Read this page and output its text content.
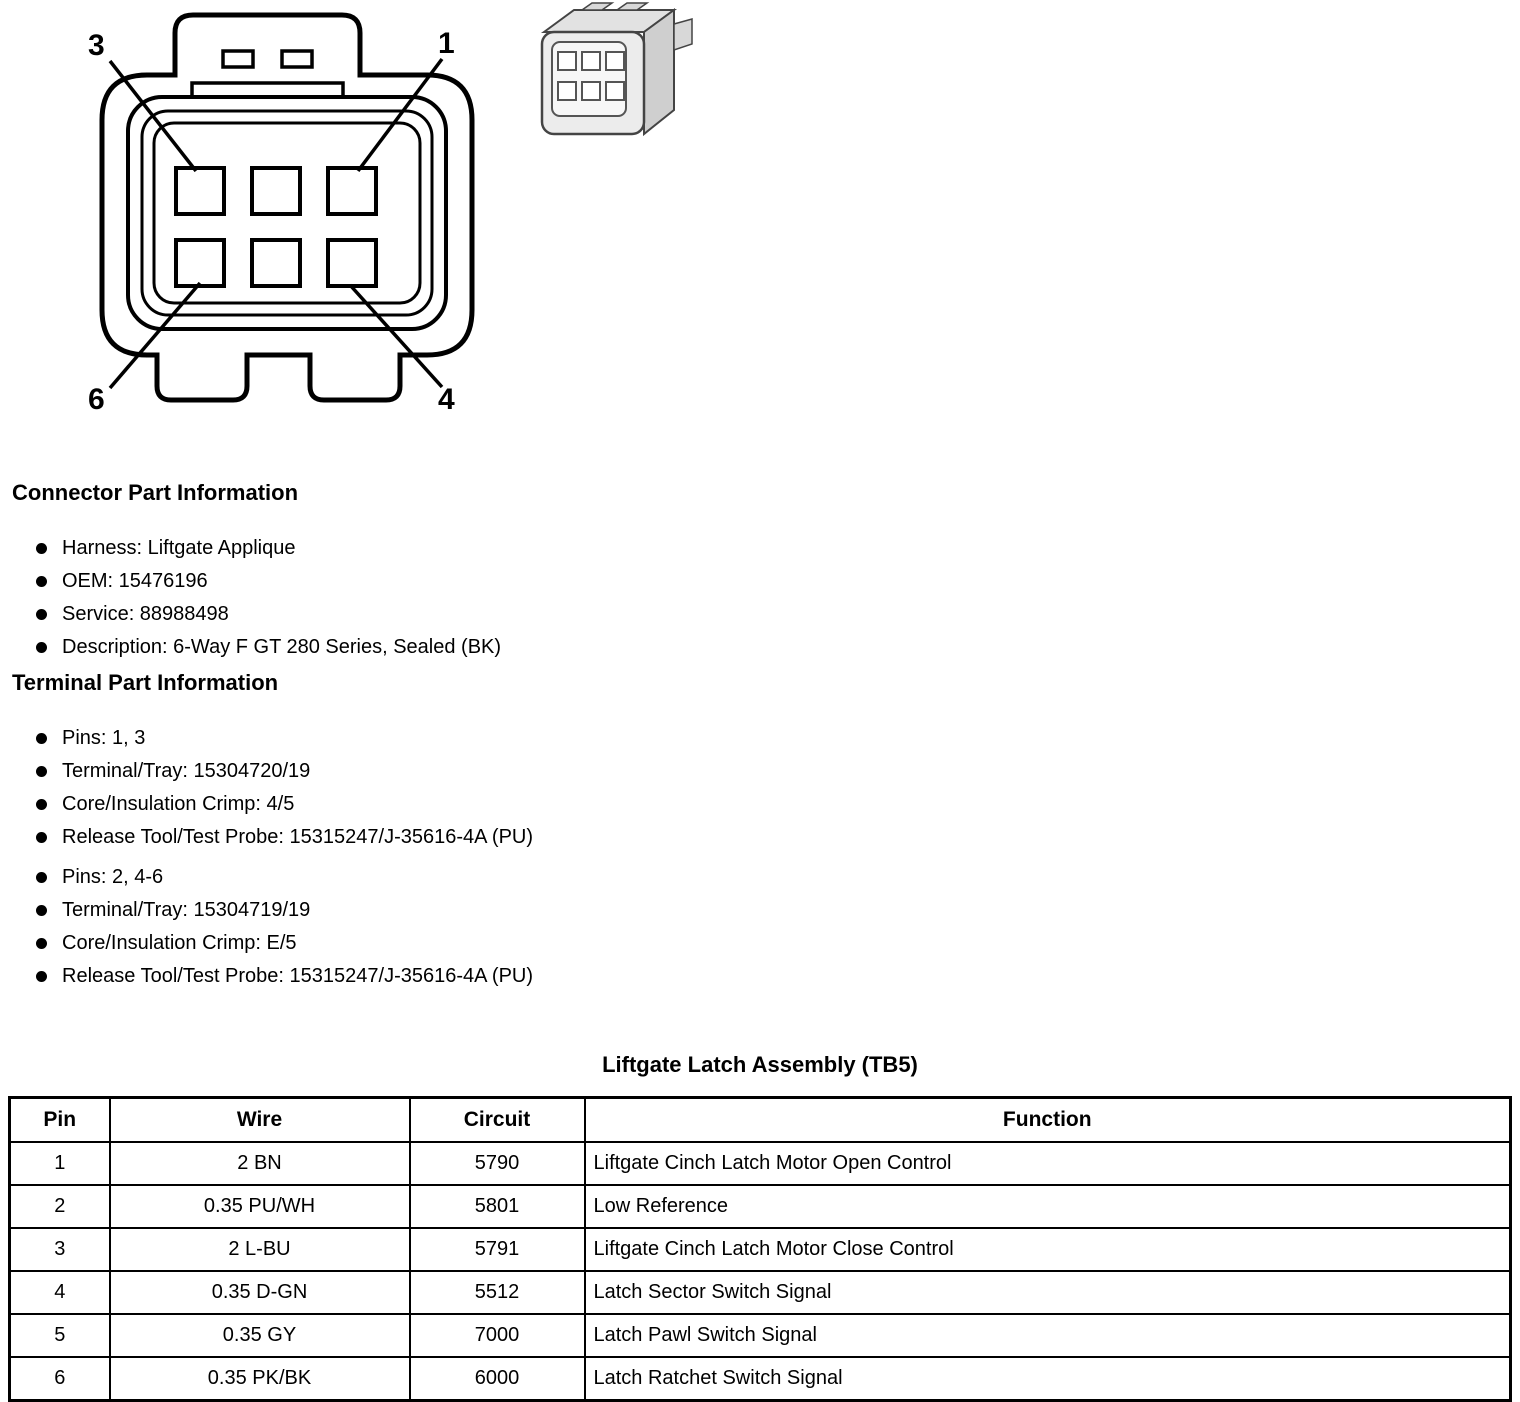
3	1
6	4
Connector Part Information
Harness: Liftgate Applique
OEM: 15476196
Service: 88988498
Description: 6-Way F GT 280 Series, Sealed (BK)
Terminal Part Information
Pins: 1, 3
Terminal/Tray: 15304720/19
Core/Insulation Crimp: 4/5
Release Tool/Test Probe: 15315247/J-35616-4A (PU)
Pins: 2, 4-6
Terminal/Tray: 15304719/19
Core/Insulation Crimp: E/5
Release Tool/Test Probe: 15315247/J-35616-4A (PU)
Liftgate Latch Assembly (TB5)
Pin	Wire	Circuit	Function
1	2 BN	5790	Liftgate Cinch Latch Motor Open Control
2	0.35 PU/WH	5801	Low Reference
3	2 L-BU	5791	Liftgate Cinch Latch Motor Close Control
4	0.35 D-GN	5512	Latch Sector Switch Signal
5	0.35 GY	7000	Latch Pawl Switch Signal
6	0.35 PK/BK	6000	Latch Ratchet Switch Signal
